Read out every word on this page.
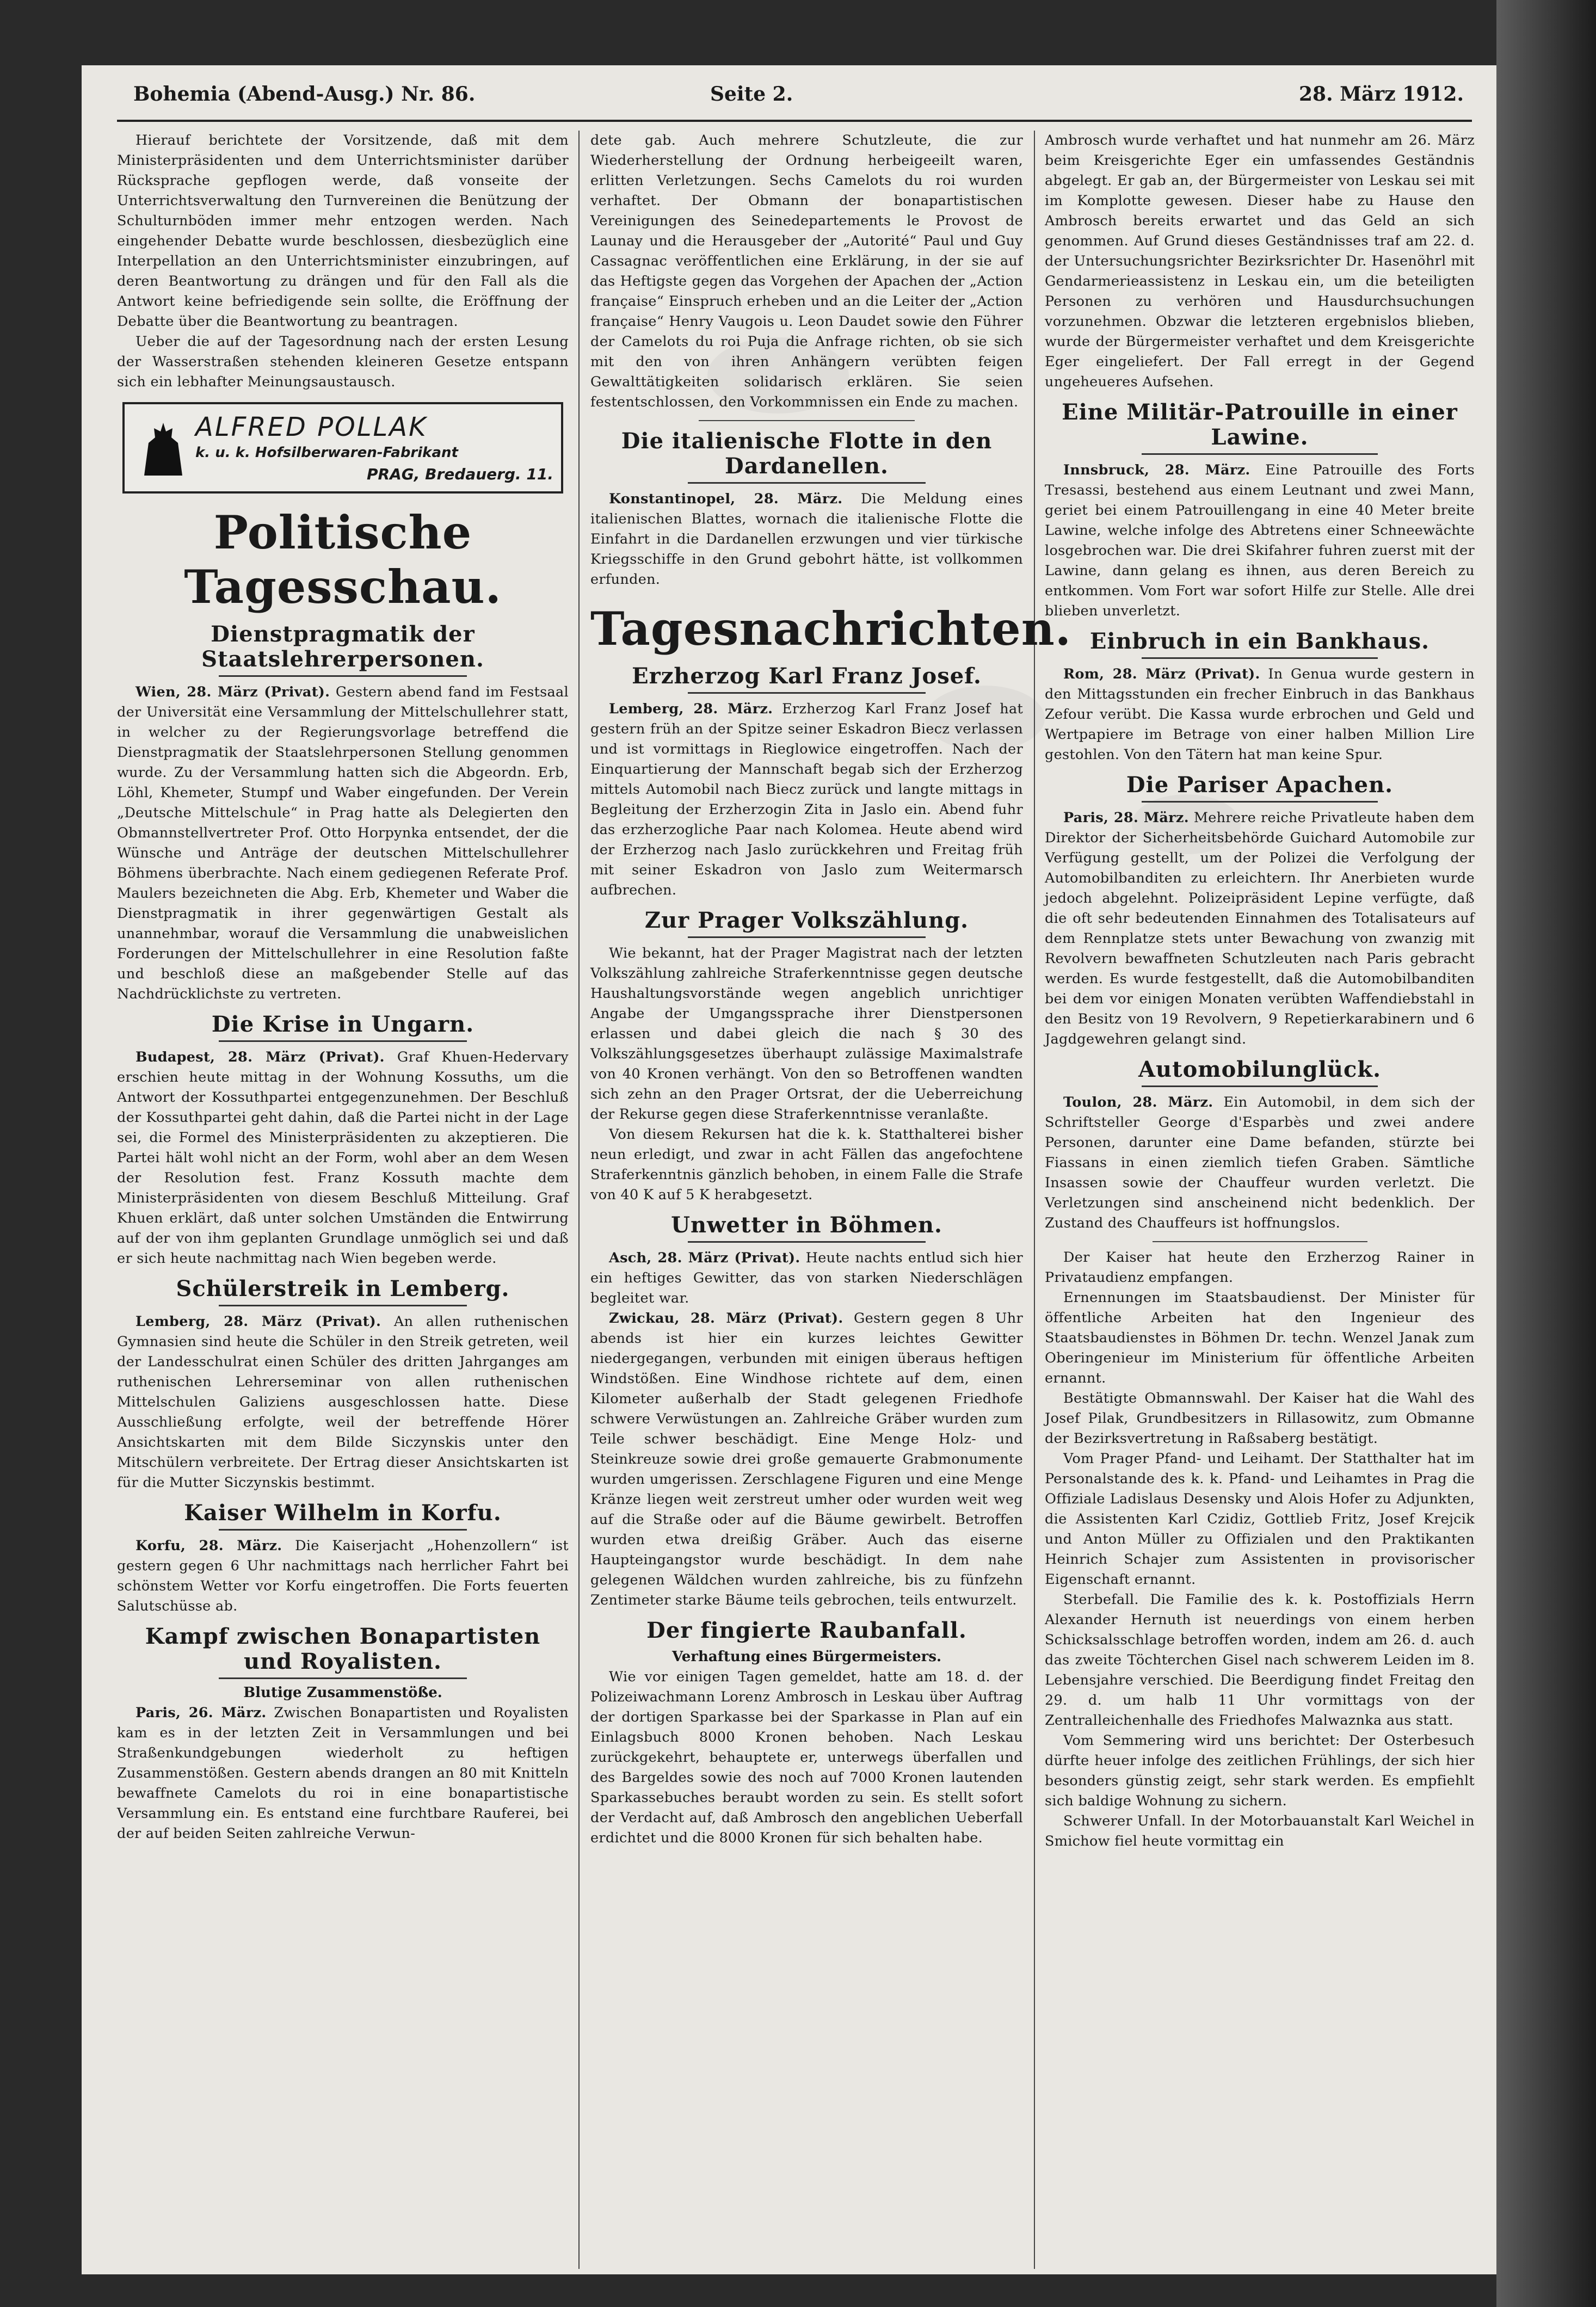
Bohemia (Abend-Ausg.) Nr. 86.	Seite 2.	28. März 1912.

Hierauf berichtete der Vorsitzende, daß mit dem Ministerpräsidenten und dem Unterrichtsminister darüber Rücksprache gepflogen werde, daß vonseite der Unterrichtsverwaltung den Turnvereinen die Benützung der Schulturnböden immer mehr entzogen werden. Nach eingehender Debatte wurde beschlossen, diesbezüglich eine Interpellation an den Unterrichtsminister einzubringen, auf deren Beantwortung zu drängen und für den Fall als die Antwort keine befriedigende sein sollte, die Eröffnung der Debatte über die Beantwortung zu beantragen.

Ueber die auf der Tagesordnung nach der ersten Lesung der Wasserstraßen stehenden kleineren Gesetze entspann sich ein lebhafter Meinungsaustausch.

ALFRED POLLAK
k. u. k. Hofsilberwaren-Fabrikant
PRAG, Bredauerg. 11.
Politische Tagesschau.
Dienstpragmatik der Staatslehrerpersonen.

Wien, 28. März (Privat). Gestern abend fand im Festsaal der Universität eine Versammlung der Mittelschullehrer statt, in welcher zu der Regierungsvorlage betreffend die Dienstpragmatik der Staatslehrpersonen Stellung genommen wurde. Zu der Versammlung hatten sich die Abgeordn. Erb, Löhl, Khemeter, Stumpf und Waber eingefunden. Der Verein „Deutsche Mittelschule“ in Prag hatte als Delegierten den Obmannstellvertreter Prof. Otto Horpynka entsendet, der die Wünsche und Anträge der deutschen Mittelschullehrer Böhmens überbrachte. Nach einem gediegenen Referate Prof. Maulers bezeichneten die Abg. Erb, Khemeter und Waber die Dienstpragmatik in ihrer gegenwärtigen Gestalt als unannehmbar, worauf die Versammlung die unabweislichen Forderungen der Mittelschullehrer in eine Resolution faßte und beschloß diese an maßgebender Stelle auf das Nachdrücklichste zu vertreten.

Die Krise in Ungarn.

Budapest, 28. März (Privat). Graf Khuen-Hedervary erschien heute mittag in der Wohnung Kossuths, um die Antwort der Kossuthpartei entgegenzunehmen. Der Beschluß der Kossuthpartei geht dahin, daß die Partei nicht in der Lage sei, die Formel des Ministerpräsidenten zu akzeptieren. Die Partei hält wohl nicht an der Form, wohl aber an dem Wesen der Resolution fest. Franz Kossuth machte dem Ministerpräsidenten von diesem Beschluß Mitteilung. Graf Khuen erklärt, daß unter solchen Umständen die Entwirrung auf der von ihm geplanten Grundlage unmöglich sei und daß er sich heute nachmittag nach Wien begeben werde.

Schülerstreik in Lemberg.

Lemberg, 28. März (Privat). An allen ruthenischen Gymnasien sind heute die Schüler in den Streik getreten, weil der Landesschulrat einen Schüler des dritten Jahrganges am ruthenischen Lehrerseminar von allen ruthenischen Mittelschulen Galiziens ausgeschlossen hatte. Diese Ausschließung erfolgte, weil der betreffende Hörer Ansichtskarten mit dem Bilde Siczynskis unter den Mitschülern verbreitete. Der Ertrag dieser Ansichtskarten ist für die Mutter Siczynskis bestimmt.

Kaiser Wilhelm in Korfu.

Korfu, 28. März. Die Kaiserjacht „Hohenzollern“ ist gestern gegen 6 Uhr nachmittags nach herrlicher Fahrt bei schönstem Wetter vor Korfu eingetroffen. Die Forts feuerten Salutschüsse ab.

Kampf zwischen Bonapartisten und Royalisten.
Blutige Zusammenstöße.

Paris, 26. März. Zwischen Bonapartisten und Royalisten kam es in der letzten Zeit in Versammlungen und bei Straßenkundgebungen wiederholt zu heftigen Zusammenstößen. Gestern abends drangen an 80 mit Knitteln bewaffnete Camelots du roi in eine bonapartistische Versammlung ein. Es entstand eine furchtbare Rauferei, bei der auf beiden Seiten zahlreiche Verwun-

dete gab. Auch mehrere Schutzleute, die zur Wiederherstellung der Ordnung herbeigeeilt waren, erlitten Verletzungen. Sechs Camelots du roi wurden verhaftet. Der Obmann der bonapartistischen Vereinigungen des Seinedepartements le Provost de Launay und die Herausgeber der „Autorité“ Paul und Guy Cassagnac veröffentlichen eine Erklärung, in der sie auf das Heftigste gegen das Vorgehen der Apachen der „Action française“ Einspruch erheben und an die Leiter der „Action française“ Henry Vaugois u. Leon Daudet sowie den Führer der Camelots du roi Puja die Anfrage richten, ob sie sich mit den von ihren Anhängern verübten feigen Gewalttätigkeiten solidarisch erklären. Sie seien festentschlossen, den Vorkommnissen ein Ende zu machen.

Die italienische Flotte in den Dardanellen.

Konstantinopel, 28. März. Die Meldung eines italienischen Blattes, wornach die italienische Flotte die Einfahrt in die Dardanellen erzwungen und vier türkische Kriegsschiffe in den Grund gebohrt hätte, ist vollkommen erfunden.

Tagesnachrichten.
Erzherzog Karl Franz Josef.

Lemberg, 28. März. Erzherzog Karl Franz Josef hat gestern früh an der Spitze seiner Eskadron Biecz verlassen und ist vormittags in Rieglowice eingetroffen. Nach der Einquartierung der Mannschaft begab sich der Erzherzog mittels Automobil nach Biecz zurück und langte mittags in Begleitung der Erzherzogin Zita in Jaslo ein. Abend fuhr das erzherzogliche Paar nach Kolomea. Heute abend wird der Erzherzog nach Jaslo zurückkehren und Freitag früh mit seiner Eskadron von Jaslo zum Weitermarsch aufbrechen.

Zur Prager Volkszählung.

Wie bekannt, hat der Prager Magistrat nach der letzten Volkszählung zahlreiche Straferkenntnisse gegen deutsche Haushaltungsvorstände wegen angeblich unrichtiger Angabe der Umgangssprache ihrer Dienstpersonen erlassen und dabei gleich die nach § 30 des Volkszählungsgesetzes überhaupt zulässige Maximalstrafe von 40 Kronen verhängt. Von den so Betroffenen wandten sich zehn an den Prager Ortsrat, der die Ueberreichung der Rekurse gegen diese Straferkenntnisse veranlaßte.

Von diesem Rekursen hat die k. k. Statthalterei bisher neun erledigt, und zwar in acht Fällen das angefochtene Straferkenntnis gänzlich behoben, in einem Falle die Strafe von 40 K auf 5 K herabgesetzt.

Unwetter in Böhmen.

Asch, 28. März (Privat). Heute nachts entlud sich hier ein heftiges Gewitter, das von starken Niederschlägen begleitet war.

Zwickau, 28. März (Privat). Gestern gegen 8 Uhr abends ist hier ein kurzes leichtes Gewitter niedergegangen, verbunden mit einigen überaus heftigen Windstößen. Eine Windhose richtete auf dem, einen Kilometer außerhalb der Stadt gelegenen Friedhofe schwere Verwüstungen an. Zahlreiche Gräber wurden zum Teile schwer beschädigt. Eine Menge Holz- und Steinkreuze sowie drei große gemauerte Grabmonumente wurden umgerissen. Zerschlagene Figuren und eine Menge Kränze liegen weit zerstreut umher oder wurden weit weg auf die Straße oder auf die Bäume gewirbelt. Betroffen wurden etwa dreißig Gräber. Auch das eiserne Haupteingangstor wurde beschädigt. In dem nahe gelegenen Wäldchen wurden zahlreiche, bis zu fünfzehn Zentimeter starke Bäume teils gebrochen, teils entwurzelt.

Der fingierte Raubanfall.
Verhaftung eines Bürgermeisters.

Wie vor einigen Tagen gemeldet, hatte am 18. d. der Polizeiwachmann Lorenz Ambrosch in Leskau über Auftrag der dortigen Sparkasse bei der Sparkasse in Plan auf ein Einlagsbuch 8000 Kronen behoben. Nach Leskau zurückgekehrt, behauptete er, unterwegs überfallen und des Bargeldes sowie des noch auf 7000 Kronen lautenden Sparkassebuches beraubt worden zu sein. Es stellt sofort der Verdacht auf, daß Ambrosch den angeblichen Ueberfall erdichtet und die 8000 Kronen für sich behalten habe.

Ambrosch wurde verhaftet und hat nunmehr am 26. März beim Kreisgerichte Eger ein umfassendes Geständnis abgelegt. Er gab an, der Bürgermeister von Leskau sei mit im Komplotte gewesen. Dieser habe zu Hause den Ambrosch bereits erwartet und das Geld an sich genommen. Auf Grund dieses Geständnisses traf am 22. d. der Untersuchungsrichter Bezirksrichter Dr. Hasenöhrl mit Gendarmerieassistenz in Leskau ein, um die beteiligten Personen zu verhören und Hausdurchsuchungen vorzunehmen. Obzwar die letzteren ergebnislos blieben, wurde der Bürgermeister verhaftet und dem Kreisgerichte Eger eingeliefert. Der Fall erregt in der Gegend ungeheueres Aufsehen.

Eine Militär-Patrouille in einer Lawine.

Innsbruck, 28. März. Eine Patrouille des Forts Tresassi, bestehend aus einem Leutnant und zwei Mann, geriet bei einem Patrouillengang in eine 40 Meter breite Lawine, welche infolge des Abtretens einer Schneewächte losgebrochen war. Die drei Skifahrer fuhren zuerst mit der Lawine, dann gelang es ihnen, aus deren Bereich zu entkommen. Vom Fort war sofort Hilfe zur Stelle. Alle drei blieben unverletzt.

Einbruch in ein Bankhaus.

Rom, 28. März (Privat). In Genua wurde gestern in den Mittagsstunden ein frecher Einbruch in das Bankhaus Zefour verübt. Die Kassa wurde erbrochen und Geld und Wertpapiere im Betrage von einer halben Million Lire gestohlen. Von den Tätern hat man keine Spur.

Die Pariser Apachen.

Paris, 28. März. Mehrere reiche Privatleute haben dem Direktor der Sicherheitsbehörde Guichard Automobile zur Verfügung gestellt, um der Polizei die Verfolgung der Automobilbanditen zu erleichtern. Ihr Anerbieten wurde jedoch abgelehnt. Polizeipräsident Lepine verfügte, daß die oft sehr bedeutenden Einnahmen des Totalisateurs auf dem Rennplatze stets unter Bewachung von zwanzig mit Revolvern bewaffneten Schutzleuten nach Paris gebracht werden. Es wurde festgestellt, daß die Automobilbanditen bei dem vor einigen Monaten verübten Waffendiebstahl in den Besitz von 19 Revolvern, 9 Repetierkarabinern und 6 Jagdgewehren gelangt sind.

Automobilunglück.

Toulon, 28. März. Ein Automobil, in dem sich der Schriftsteller George d'Esparbès und zwei andere Personen, darunter eine Dame befanden, stürzte bei Fiassans in einen ziemlich tiefen Graben. Sämtliche Insassen sowie der Chauffeur wurden verletzt. Die Verletzungen sind anscheinend nicht bedenklich. Der Zustand des Chauffeurs ist hoffnungslos.

Der Kaiser hat heute den Erzherzog Rainer in Privataudienz empfangen.

Ernennungen im Staatsbaudienst. Der Minister für öffentliche Arbeiten hat den Ingenieur des Staatsbaudienstes in Böhmen Dr. techn. Wenzel Janak zum Oberingenieur im Ministerium für öffentliche Arbeiten ernannt.

Bestätigte Obmannswahl. Der Kaiser hat die Wahl des Josef Pilak, Grundbesitzers in Rillasowitz, zum Obmanne der Bezirksvertretung in Raßsaberg bestätigt.

Vom Prager Pfand- und Leihamt. Der Statthalter hat im Personalstande des k. k. Pfand- und Leihamtes in Prag die Offiziale Ladislaus Desensky und Alois Hofer zu Adjunkten, die Assistenten Karl Czidiz, Gottlieb Fritz, Josef Krejcik und Anton Müller zu Offizialen und den Praktikanten Heinrich Schajer zum Assistenten in provisorischer Eigenschaft ernannt.

Sterbefall. Die Familie des k. k. Postoffizials Herrn Alexander Hernuth ist neuerdings von einem herben Schicksalsschlage betroffen worden, indem am 26. d. auch das zweite Töchterchen Gisel nach schwerem Leiden im 8. Lebensjahre verschied. Die Beerdigung findet Freitag den 29. d. um halb 11 Uhr vormittags von der Zentralleichenhalle des Friedhofes Malwaznka aus statt.

Vom Semmering wird uns berichtet: Der Osterbesuch dürfte heuer infolge des zeitlichen Frühlings, der sich hier besonders günstig zeigt, sehr stark werden. Es empfiehlt sich baldige Wohnung zu sichern.

Schwerer Unfall. In der Motorbauanstalt Karl Weichel in Smichow fiel heute vormittag ein
